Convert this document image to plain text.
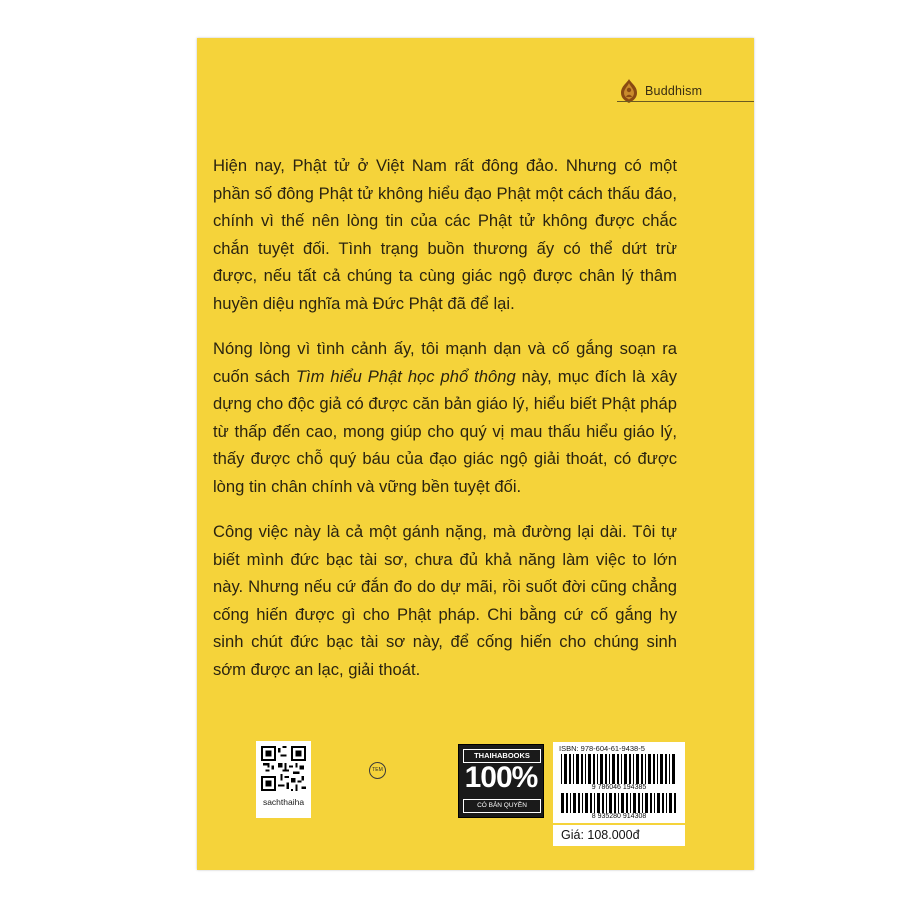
Buddhism

Hiện nay, Phật tử ở Việt Nam rất đông đảo. Nhưng có một phần số đông Phật tử không hiểu đạo Phật một cách thấu đáo, chính vì thế nên lòng tin của các Phật tử không được chắc chắn tuyệt đối. Tình trạng buồn thương ấy có thể dứt trừ được, nếu tất cả chúng ta cùng giác ngộ được chân lý thâm huyền diệu nghĩa mà Đức Phật đã để lại.

Nóng lòng vì tình cảnh ấy, tôi mạnh dạn và cố gắng soạn ra cuốn sách Tìm hiểu Phật học phổ thông này, mục đích là xây dựng cho độc giả có được căn bản giáo lý, hiểu biết Phật pháp từ thấp đến cao, mong giúp cho quý vị mau thấu hiểu giáo lý, thấy được chỗ quý báu của đạo giác ngộ giải thoát, có được lòng tin chân chính và vững bền tuyệt đối.

Công việc này là cả một gánh nặng, mà đường lại dài. Tôi tự biết mình đức bạc tài sơ, chưa đủ khả năng làm việc to lớn này. Nhưng nếu cứ đắn đo do dự mãi, rồi suốt đời cũng chẳng cống hiến được gì cho Phật pháp. Chi bằng cứ cố gắng hy sinh chút đức bạc tài sơ này, để cống hiến cho chúng sinh sớm được an lạc, giải thoát.

sachthaiha
TEM
THAIHABOOKS
100%
CÓ BẢN QUYỀN
ISBN: 978-604-61-9438-5
9 786046 194385
8 935280 914308
Giá: 108.000đ
